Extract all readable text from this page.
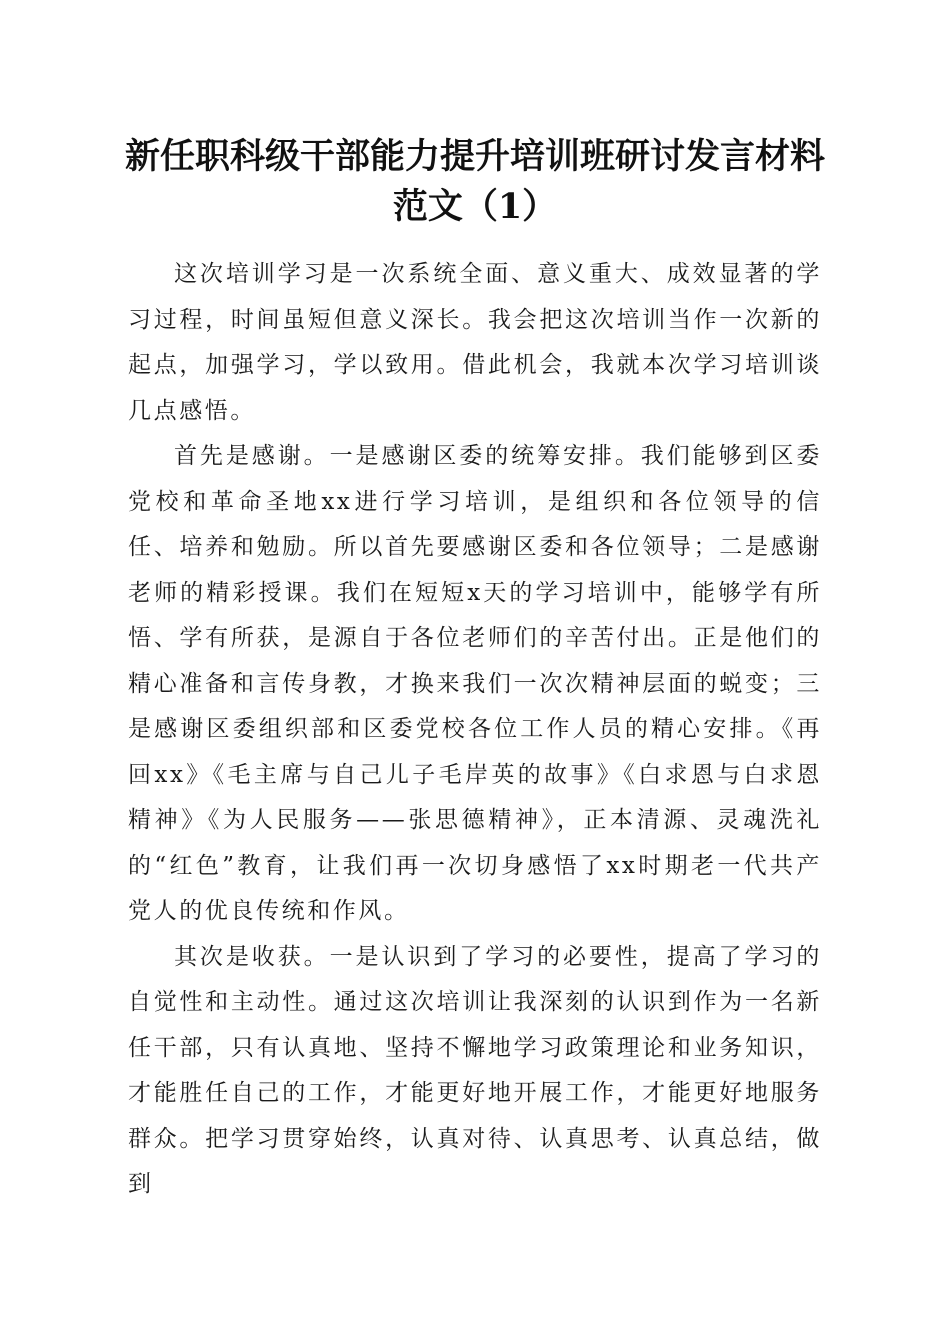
新任职科级干部能力提升培训班研讨发言材料
范文（1）

这次培训学习是一次系统全面、意义重大、成效显著的学习过程，时间虽短但意义深长。我会把这次培训当作一次新的起点，加强学习，学以致用。借此机会，我就本次学习培训谈几点感悟。

首先是感谢。一是感谢区委的统筹安排。我们能够到区委党校和革命圣地xx进行学习培训，是组织和各位领导的信任、培养和勉励。所以首先要感谢区委和各位领导；二是感谢老师的精彩授课。我们在短短x天的学习培训中，能够学有所悟、学有所获，是源自于各位老师们的辛苦付出。正是他们的精心准备和言传身教，才换来我们一次次精神层面的蜕变；三是感谢区委组织部和区委党校各位工作人员的精心安排。《再回xx》《毛主席与自己儿子毛岸英的故事》《白求恩与白求恩精神》《为人民服务——张思德精神》，正本清源、灵魂洗礼的“红色”教育，让我们再一次切身感悟了xx时期老一代共产党人的优良传统和作风。

其次是收获。一是认识到了学习的必要性，提高了学习的自觉性和主动性。通过这次培训让我深刻的认识到作为一名新任干部，只有认真地、坚持不懈地学习政策理论和业务知识，才能胜任自己的工作，才能更好地开展工作，才能更好地服务群众。把学习贯穿始终，认真对待、认真思考、认真总结，做到
